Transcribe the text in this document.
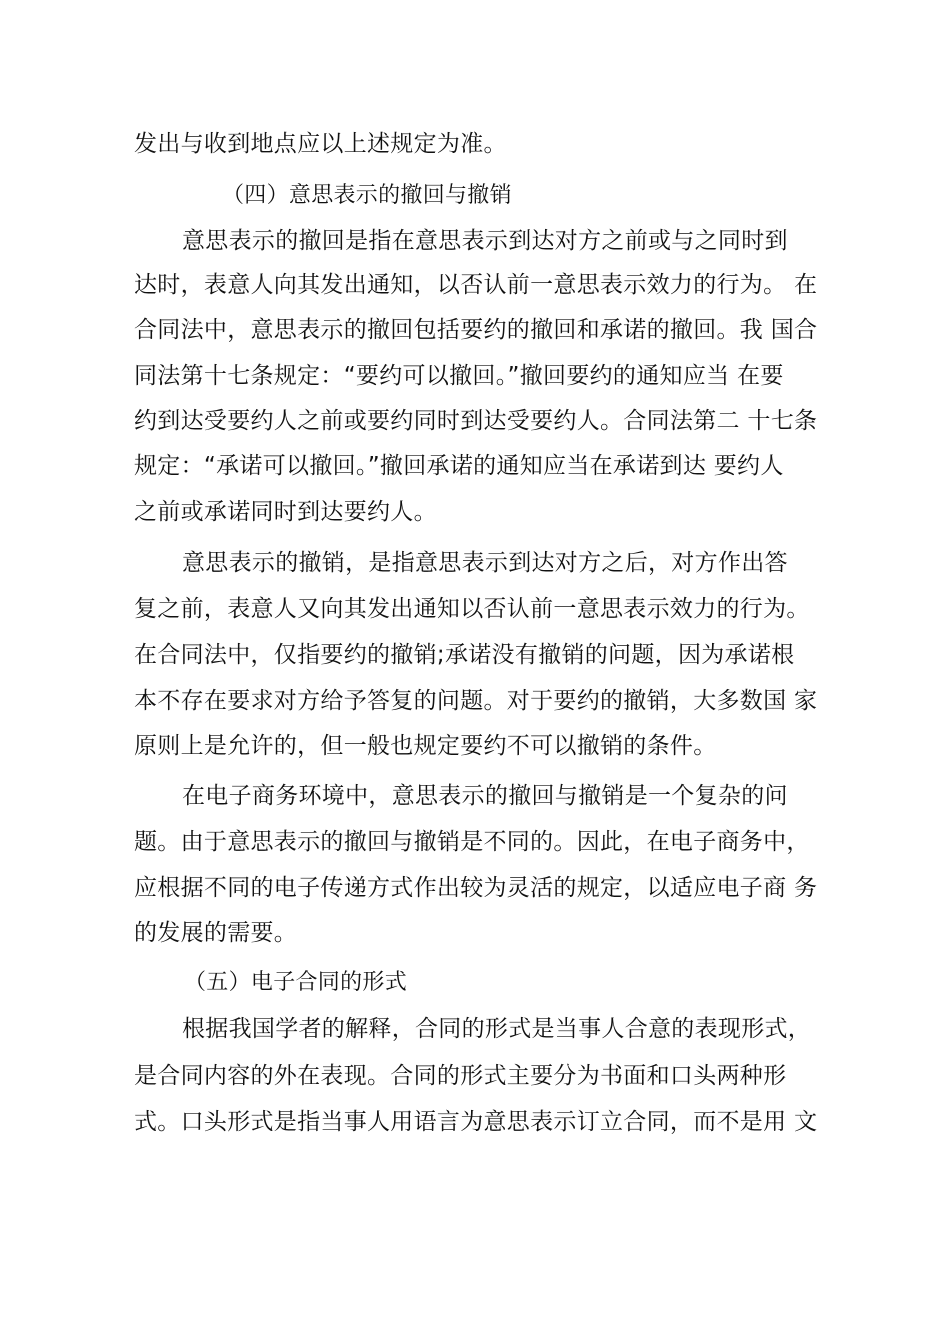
发出与收到地点应以上述规定为准。
（四）意思表示的撤回与撤销
意思表示的撤回是指在意思表示到达对方之前或与之同时到
达时，表意人向其发出通知，以否认前一意思表示效力的行为。 在
合同法中，意思表示的撤回包括要约的撤回和承诺的撤回。我 国合
同法第十七条规定：“要约可以撤回。”撤回要约的通知应当 在要
约到达受要约人之前或要约同时到达受要约人。合同法第二 十七条
规定：“承诺可以撤回。”撤回承诺的通知应当在承诺到达 要约人
之前或承诺同时到达要约人。
意思表示的撤销，是指意思表示到达对方之后，对方作出答
复之前，表意人又向其发出通知以否认前一意思表示效力的行为。
在合同法中，仅指要约的撤销;承诺没有撤销的问题，因为承诺根
本不存在要求对方给予答复的问题。对于要约的撤销，大多数国 家
原则上是允许的，但一般也规定要约不可以撤销的条件。
在电子商务环境中，意思表示的撤回与撤销是一个复杂的问
题。由于意思表示的撤回与撤销是不同的。因此，在电子商务中，
应根据不同的电子传递方式作出较为灵活的规定，以适应电子商 务
的发展的需要。
（五）电子合同的形式
根据我国学者的解释，合同的形式是当事人合意的表现形式，
是合同内容的外在表现。合同的形式主要分为书面和口头两种形
式。口头形式是指当事人用语言为意思表示订立合同，而不是用 文
